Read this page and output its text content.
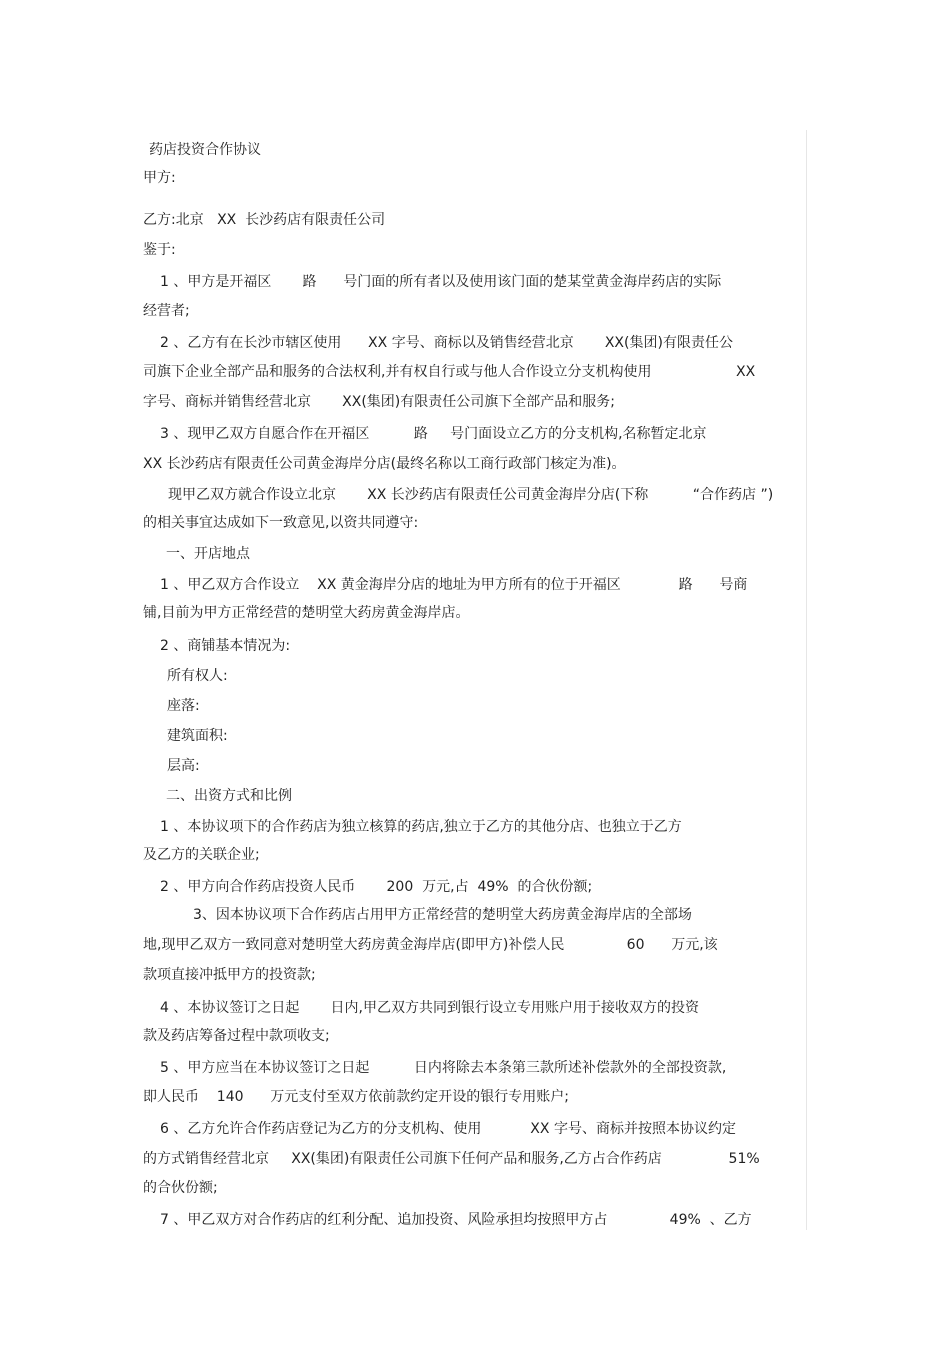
药店投资合作协议
甲方:
乙方:北京   XX  长沙药店有限责任公司
鉴于:
1 、甲方是开福区       路      号门面的所有者以及使用该门面的楚某堂黄金海岸药店的实际
经营者;
2 、乙方有在长沙市辖区使用      XX 字号、商标以及销售经营北京       XX(集团)有限责任公
司旗下企业全部产品和服务的合法权利,并有权自行或与他人合作设立分支机构使用                   XX
字号、商标并销售经营北京       XX(集团)有限责任公司旗下全部产品和服务;
3 、现甲乙双方自愿合作在开福区          路     号门面设立乙方的分支机构,名称暂定北京
XX 长沙药店有限责任公司黄金海岸分店(最终名称以工商行政部门核定为准)。
现甲乙双方就合作设立北京       XX 长沙药店有限责任公司黄金海岸分店(下称          “合作药店 ”)
的相关事宜达成如下一致意见,以资共同遵守:
一、开店地点
1 、甲乙双方合作设立    XX 黄金海岸分店的地址为甲方所有的位于开福区             路      号商
铺,目前为甲方正常经营的楚明堂大药房黄金海岸店。
2 、商铺基本情况为:
所有权人:
座落:
建筑面积:
层高:
二、出资方式和比例
1 、本协议项下的合作药店为独立核算的药店,独立于乙方的其他分店、也独立于乙方
及乙方的关联企业;
2 、甲方向合作药店投资人民币       200  万元,占  49%  的合伙份额;
3、因本协议项下合作药店占用甲方正常经营的楚明堂大药房黄金海岸店的全部场
地,现甲乙双方一致同意对楚明堂大药房黄金海岸店(即甲方)补偿人民              60      万元,该
款项直接冲抵甲方的投资款;
4 、本协议签订之日起       日内,甲乙双方共同到银行设立专用账户用于接收双方的投资
款及药店筹备过程中款项收支;
5 、甲方应当在本协议签订之日起          日内将除去本条第三款所述补偿款外的全部投资款,
即人民币    140      万元支付至双方依前款约定开设的银行专用账户;
6 、乙方允许合作药店登记为乙方的分支机构、使用           XX 字号、商标并按照本协议约定
的方式销售经营北京     XX(集团)有限责任公司旗下任何产品和服务,乙方占合作药店               51%
的合伙份额;
7 、甲乙双方对合作药店的红利分配、追加投资、风险承担均按照甲方占              49%  、乙方
